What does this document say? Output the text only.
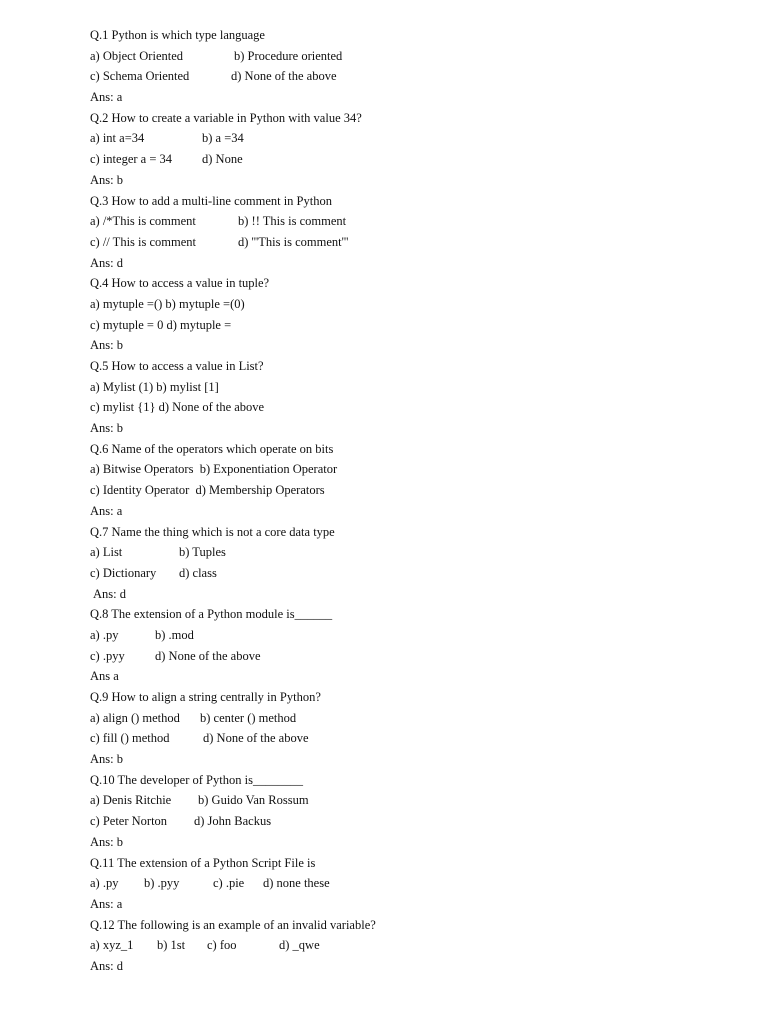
Q.1 Python is which type language
a) Object Oriented	b) Procedure oriented
c) Schema Oriented	d) None of the above
Ans: a
Q.2 How to create a variable in Python with value 34?
a) int a=34	b) a =34
c) integer a = 34 d) None
Ans: b
Q.3 How to add a multi-line comment in Python
a) /*This is comment	b) !! This is comment
c) // This is comment	d) '''This is comment'''
Ans: d
Q.4 How to access a value in tuple?
a) mytuple =() b) mytuple =(0)
c) mytuple = 0 d) mytuple =
Ans: b
Q.5 How to access a value in List?
a) Mylist (1) b) mylist [1]
c) mylist {1} d) None of the above
Ans: b
Q.6 Name of the operators which operate on bits
a) Bitwise Operators  b) Exponentiation Operator
c) Identity Operator  d) Membership Operators
Ans: a
Q.7 Name the thing which is not a core data type
a) List	b) Tuples
c) Dictionary d) class
Ans: d
Q.8 The extension of a Python module is______
a) .py	b) .mod
c) .pyy d) None of the above
Ans a
Q.9 How to align a string centrally in Python?
a) align () method b) center () method
c) fill () method	d) None of the above
Ans: b
Q.10 The developer of Python is________
a) Denis Ritchie b) Guido Van Rossum
c) Peter Norton d) John Backus
Ans: b
Q.11 The extension of a Python Script File is
a) .py b) .pyy	c) .pie d) none these
Ans: a
Q.12 The following is an example of an invalid variable?
a) xyz_1 b) 1st c) foo	d) _qwe
Ans: d
